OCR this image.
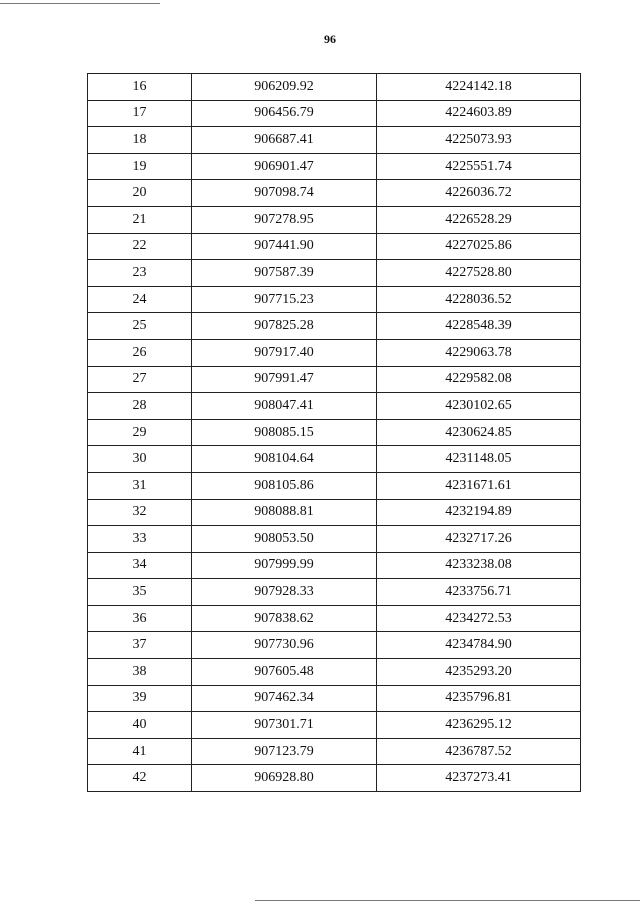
96
16	906209.92	4224142.18
17	906456.79	4224603.89
18	906687.41	4225073.93
19	906901.47	4225551.74
20	907098.74	4226036.72
21	907278.95	4226528.29
22	907441.90	4227025.86
23	907587.39	4227528.80
24	907715.23	4228036.52
25	907825.28	4228548.39
26	907917.40	4229063.78
27	907991.47	4229582.08
28	908047.41	4230102.65
29	908085.15	4230624.85
30	908104.64	4231148.05
31	908105.86	4231671.61
32	908088.81	4232194.89
33	908053.50	4232717.26
34	907999.99	4233238.08
35	907928.33	4233756.71
36	907838.62	4234272.53
37	907730.96	4234784.90
38	907605.48	4235293.20
39	907462.34	4235796.81
40	907301.71	4236295.12
41	907123.79	4236787.52
42	906928.80	4237273.41
